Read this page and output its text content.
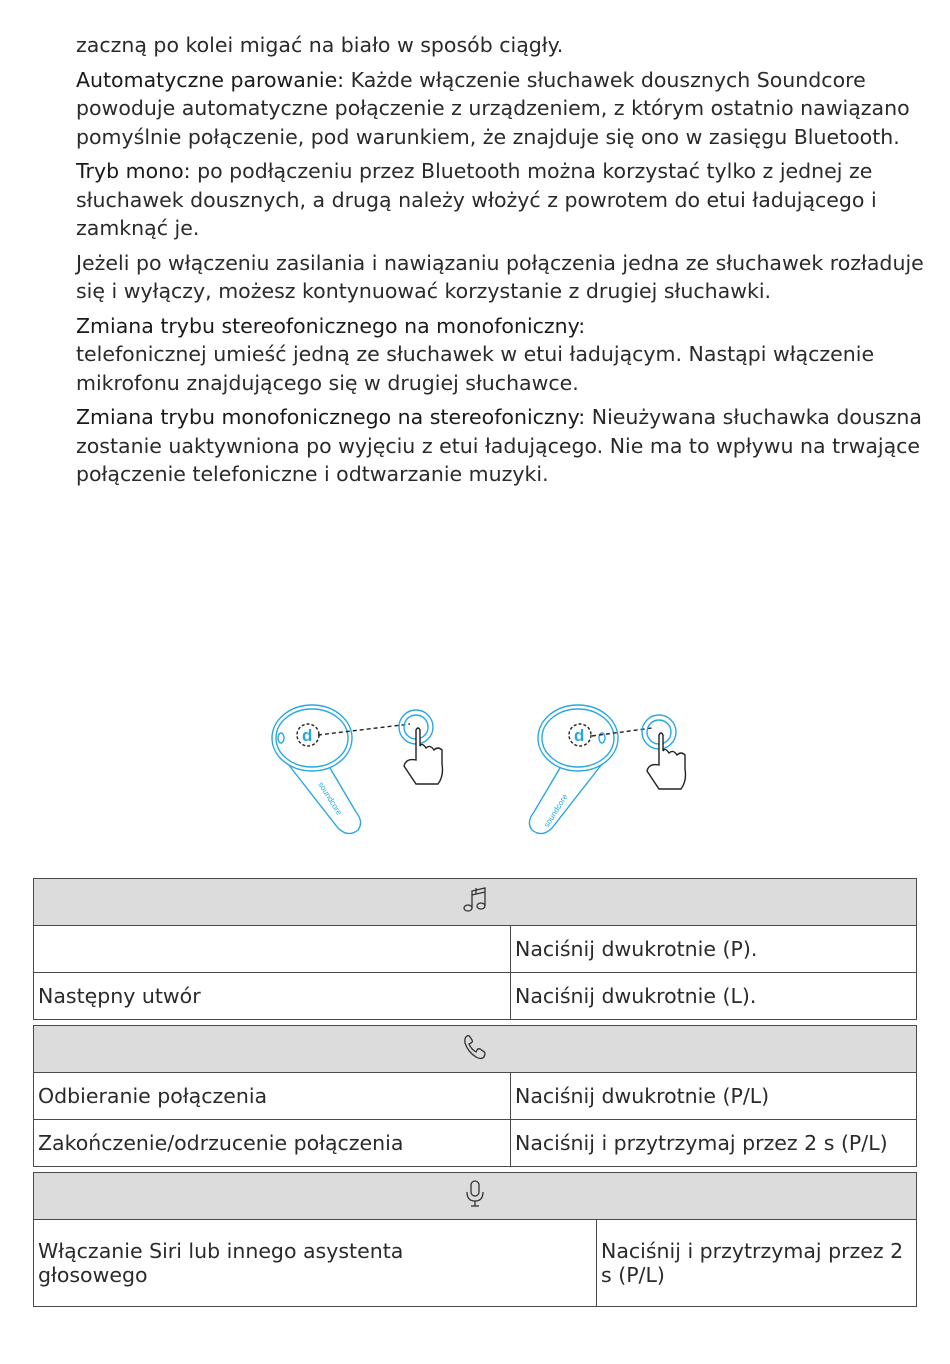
zaczną po kolei migać na biało w sposób ciągły.

Automatyczne parowanie: Każde włączenie słuchawek dousznych Soundcore powoduje automatyczne połączenie z urządzeniem, z którym ostatnio nawiązano pomyślnie połączenie, pod warunkiem, że znajduje się ono w zasięgu Bluetooth.

Tryb mono: po podłączeniu przez Bluetooth można korzystać tylko z jednej ze słuchawek dousznych, a drugą należy włożyć z powrotem do etui ładującego i zamknąć je.

Jeżeli po włączeniu zasilania i nawiązaniu połączenia jedna ze słuchawek rozładuje się i wyłączy, możesz kontynuować korzystanie z drugiej słuchawki.

Zmiana trybu stereofonicznego na monofoniczny:
telefonicznej umieść jedną ze słuchawek w etui ładującym. Nastąpi włączenie mikrofonu znajdującego się w drugiej słuchawce.

Zmiana trybu monofonicznego na stereofoniczny: Nieużywana słuchawka douszna zostanie uaktywniona po wyjęciu z etui ładującego. Nie ma to wpływu na trwające połączenie telefoniczne i odtwarzanie muzyki.

soundcore
d
soundcore
d

	Naciśnij dwukrotnie (P).
Następny utwór	Naciśnij dwukrotnie (L).

Odbieranie połączenia	Naciśnij dwukrotnie (P/L)
Zakończenie/odrzucenie połączenia	Naciśnij i przytrzymaj przez 2 s (P/L)

Włączanie Siri lub innego asystenta głosowego	Naciśnij i przytrzymaj przez 2 s (P/L)
